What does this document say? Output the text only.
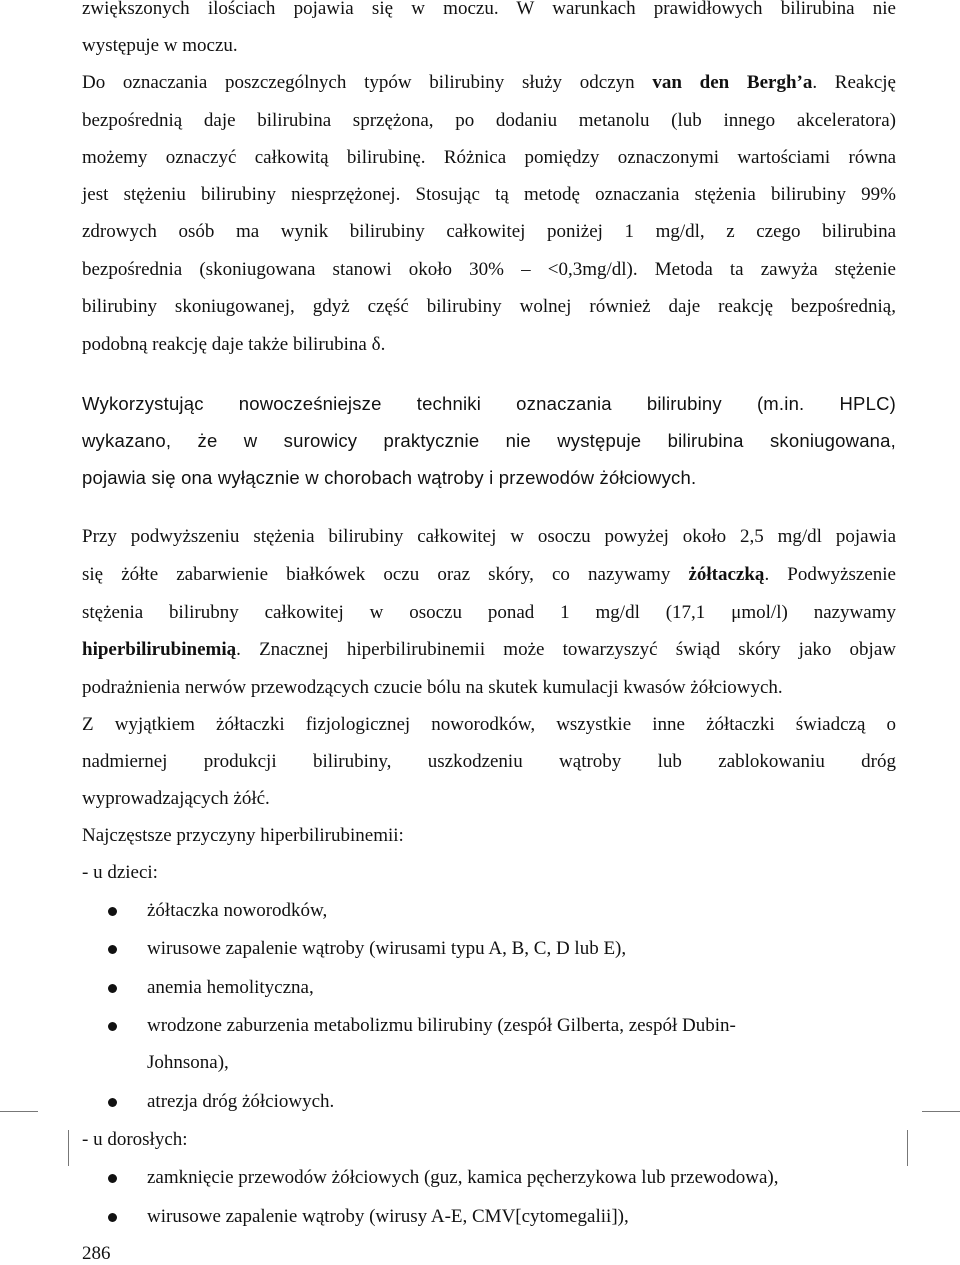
zwiększonych ilościach pojawia się w moczu. W warunkach prawidłowych bilirubina nie
występuje w moczu.
Do oznaczania poszczególnych typów bilirubiny służy odczyn van den Bergh’a. Reakcję
bezpośrednią daje bilirubina sprzężona, po dodaniu metanolu (lub innego akceleratora)
możemy oznaczyć całkowitą bilirubinę. Różnica pomiędzy oznaczonymi wartościami równa
jest stężeniu bilirubiny niesprzężonej. Stosując tą metodę oznaczania stężenia bilirubiny 99%
zdrowych osób ma wynik bilirubiny całkowitej poniżej 1 mg/dl, z czego bilirubina
bezpośrednia (skoniugowana stanowi około 30% – <0,3mg/dl). Metoda ta zawyża stężenie
bilirubiny skoniugowanej, gdyż część bilirubiny wolnej również daje reakcję bezpośrednią,
podobną reakcję daje także bilirubina δ.
Wykorzystując nowocześniejsze techniki oznaczania bilirubiny (m.in. HPLC)
wykazano, że w surowicy praktycznie nie występuje bilirubina skoniugowana,
pojawia się ona wyłącznie w chorobach wątroby i przewodów żółciowych.
Przy podwyższeniu stężenia bilirubiny całkowitej w osoczu powyżej około 2,5 mg/dl pojawia
się żółte zabarwienie białkówek oczu oraz skóry, co nazywamy żółtaczką. Podwyższenie
stężenia bilirubny całkowitej w osoczu ponad 1 mg/dl (17,1 μmol/l) nazywamy
hiperbilirubinemią. Znacznej hiperbilirubinemii może towarzyszyć świąd skóry jako objaw
podrażnienia nerwów przewodzących czucie bólu na skutek kumulacji kwasów żółciowych.
Z wyjątkiem żółtaczki fizjologicznej noworodków, wszystkie inne żółtaczki świadczą o
nadmiernej produkcji bilirubiny, uszkodzeniu wątroby lub zablokowaniu dróg
wyprowadzających żółć.
Najczęstsze przyczyny hiperbilirubinemii:
- u dzieci:
żółtaczka noworodków,
wirusowe zapalenie wątroby (wirusami typu A, B, C, D lub E),
anemia hemolityczna,
wrodzone zaburzenia metabolizmu bilirubiny (zespół Gilberta, zespół Dubin-
Johnsona),
atrezja dróg żółciowych.
- u dorosłych:
zamknięcie przewodów żółciowych (guz, kamica pęcherzykowa lub przewodowa),
wirusowe zapalenie wątroby (wirusy A-E, CMV[cytomegalii]),
286
